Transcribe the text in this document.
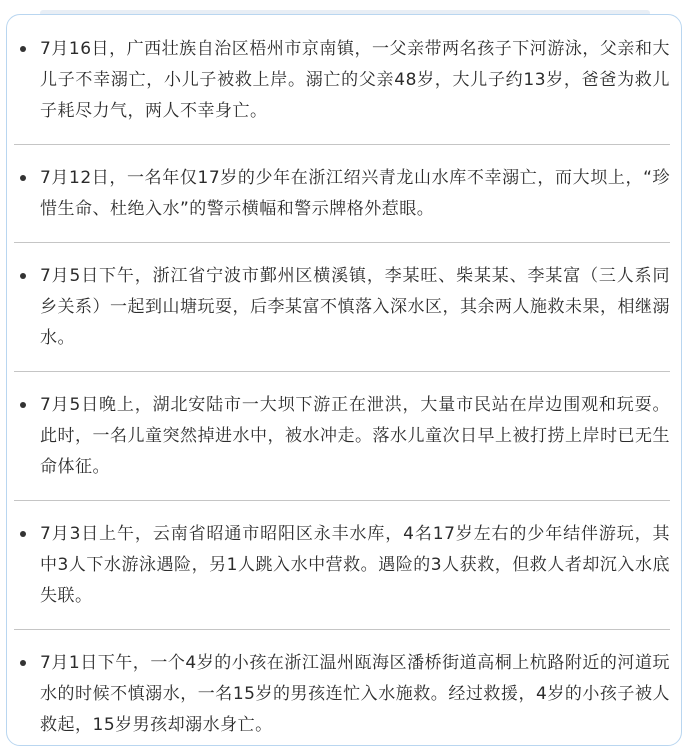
7月16日，广西壮族自治区梧州市京南镇，一父亲带两名孩子下河游泳，父亲和大儿子不幸溺亡，小儿子被救上岸。溺亡的父亲48岁，大儿子约13岁，爸爸为救儿子耗尽力气，两人不幸身亡。
7月12日，一名年仅17岁的少年在浙江绍兴青龙山水库不幸溺亡，而大坝上，“珍惜生命、杜绝入水”的警示横幅和警示牌格外惹眼。
7月5日下午，浙江省宁波市鄞州区横溪镇，李某旺、柴某某、李某富（三人系同乡关系）一起到山塘玩耍，后李某富不慎落入深水区，其余两人施救未果，相继溺水。
7月5日晚上，湖北安陆市一大坝下游正在泄洪，大量市民站在岸边围观和玩耍。此时，一名儿童突然掉进水中，被水冲走。落水儿童次日早上被打捞上岸时已无生命体征。
7月3日上午，云南省昭通市昭阳区永丰水库，4名17岁左右的少年结伴游玩，其中3人下水游泳遇险，另1人跳入水中营救。遇险的3人获救，但救人者却沉入水底失联。
7月1日下午，一个4岁的小孩在浙江温州瓯海区潘桥街道高桐上杭路附近的河道玩水的时候不慎溺水，一名15岁的男孩连忙入水施救。经过救援，4岁的小孩子被人救起，15岁男孩却溺水身亡。
